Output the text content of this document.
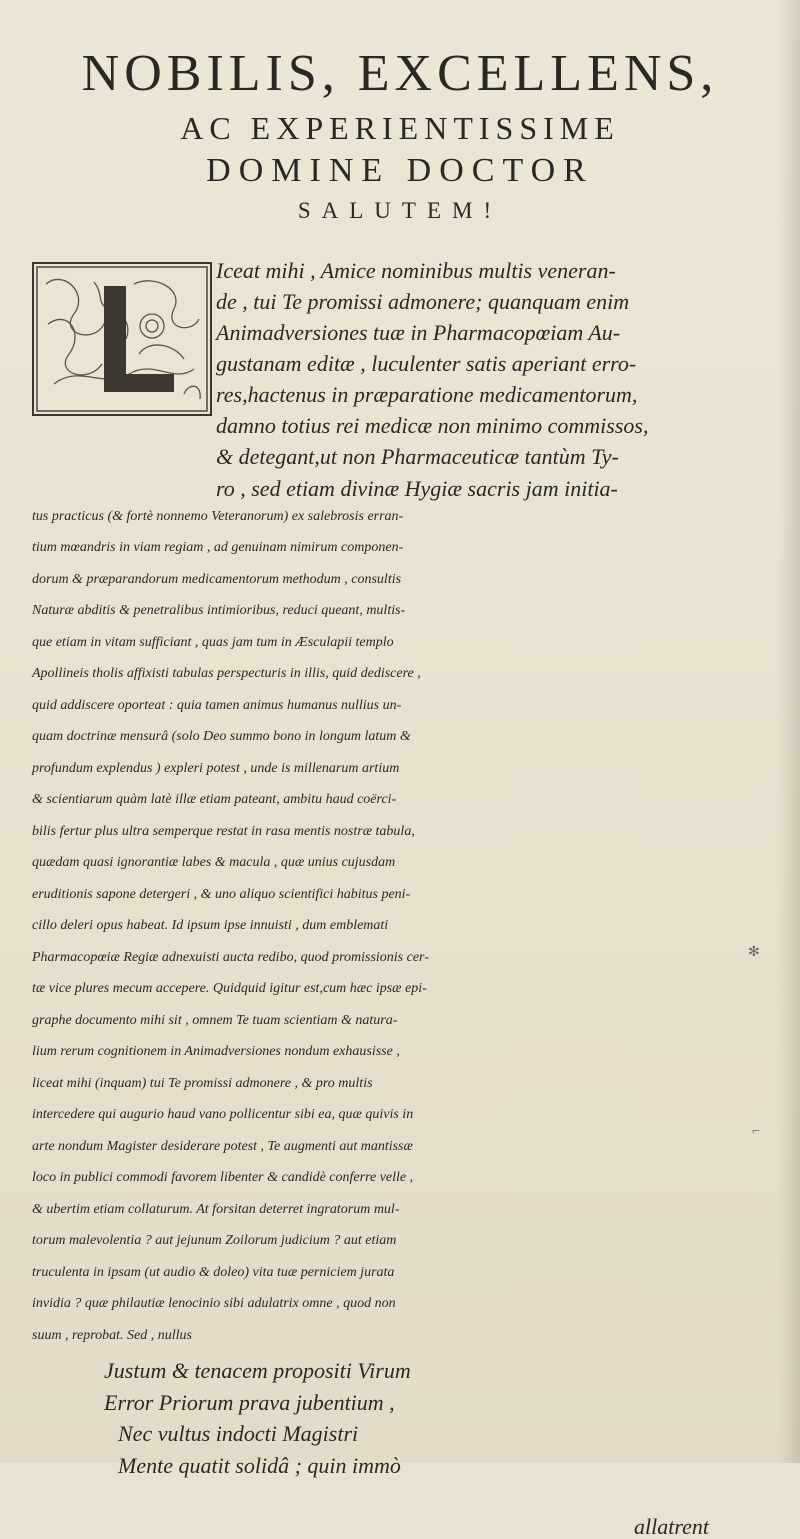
NOBILIS, EXCELLENS,
AC EXPERIENTISSIME
DOMINE DOCTOR
SALUTEM!
Iceat mihi , Amice nominibus multis veneran-
de , tui Te promissi admonere; quanquam enim
Animadversiones tuæ in Pharmacopœiam Au-
gustanam editæ , luculenter satis aperiant erro-
res,hactenus in præparatione medicamentorum,
damno totius rei medicæ non minimo commissos,
& detegant,ut non Pharmaceuticæ tantùm Ty-
ro , sed etiam divinæ Hygiæ sacris jam initia-
tus practicus (& fortè nonnemo Veteranorum) ex salebrosis erran-
tium mœandris in viam regiam , ad genuinam nimirum componen-
dorum & præparandorum medicamentorum methodum , consultis
Naturæ abditis & penetralibus intimioribus, reduci queant, multis-
que etiam in vitam sufficiant , quas jam tum in Æsculapii templo
Apollineis tholis affixisti tabulas perspecturis in illis, quid dediscere ,
quid addiscere oporteat : quia tamen animus humanus nullius un-
quam doctrinæ mensurâ (solo Deo summo bono in longum latum &
profundum explendus ) expleri potest , unde is millenarum artium
& scientiarum quàm latè illæ etiam pateant, ambitu haud coërci-
bilis fertur plus ultra semperque restat in rasa mentis nostræ tabula,
quædam quasi ignorantiæ labes & macula , quæ unius cujusdam
eruditionis sapone detergeri , & uno aliquo scientifici habitus peni-
cillo deleri opus habeat. Id ipsum ipse innuisti , dum emblemati
Pharmacopœiæ Regiæ adnexuisti aucta redibo, quod promissionis cer-
tæ vice plures mecum accepere. Quidquid igitur est,cum hæc ipsæ epi-
graphe documento mihi sit , omnem Te tuam scientiam & natura-
lium rerum cognitionem in Animadversiones nondum exhausisse ,
liceat mihi (inquam) tui Te promissi admonere , & pro multis
intercedere qui augurio haud vano pollicentur sibi ea, quæ quivis in
arte nondum Magister desiderare potest , Te augmenti aut mantissæ
loco in publici commodi favorem libenter & candidè conferre velle ,
& ubertim etiam collaturum. At forsitan deterret ingratorum mul-
torum malevolentia ? aut jejunum Zoilorum judicium ? aut etiam
truculenta in ipsam (ut audio & doleo) vita tuæ perniciem jurata
invidia ? quæ philautiæ lenocinio sibi adulatrix omne , quod non
suum , reprobat. Sed , nullus
Justum & tenacem propositi Virum
Error Priorum prava jubentium ,
Nec vultus indocti Magistri
Mente quatit solidâ ; quin immò
allatrent
✻
⌐
